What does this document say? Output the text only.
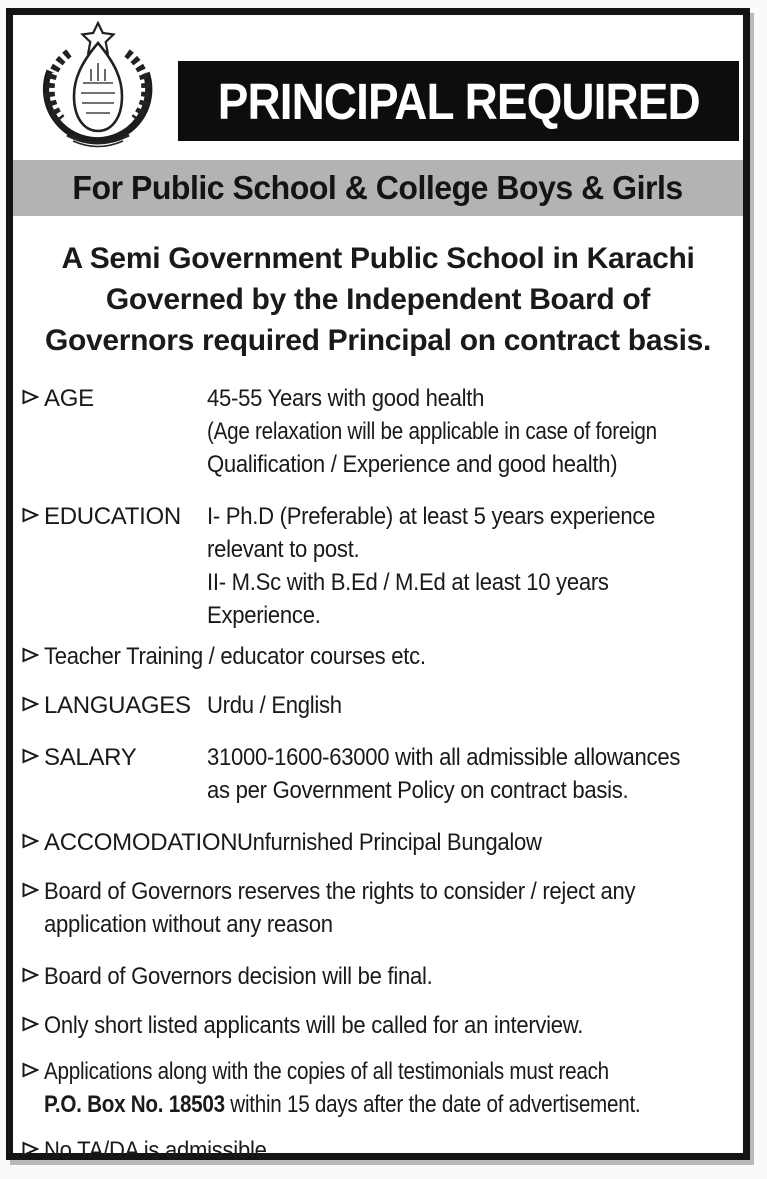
PRINCIPAL REQUIRED
For Public School & College Boys & Girls
A Semi Government Public School in Karachi
Governed by the Independent Board of
Governors required Principal on contract basis.
AGE	45-55 Years with good health
(Age relaxation will be applicable in case of foreign
Qualification / Experience and good health)
EDUCATION	I- Ph.D (Preferable) at least 5 years experience
relevant to post.
II- M.Sc with B.Ed / M.Ed at least 10 years
Experience.
Teacher Training / educator courses etc.
LANGUAGES Urdu / English
SALARY	31000-1600-63000 with all admissible allowances
as per Government Policy on contract basis.
ACCOMODATION Unfurnished Principal Bungalow
Board of Governors reserves the rights to consider / reject any
application without any reason
Board of Governors decision will be final.
Only short listed applicants will be called for an interview.
Applications along with the copies of all testimonials must reach
P.O. Box No. 18503 within 15 days after the date of advertisement.
No TA/DA is admissible
